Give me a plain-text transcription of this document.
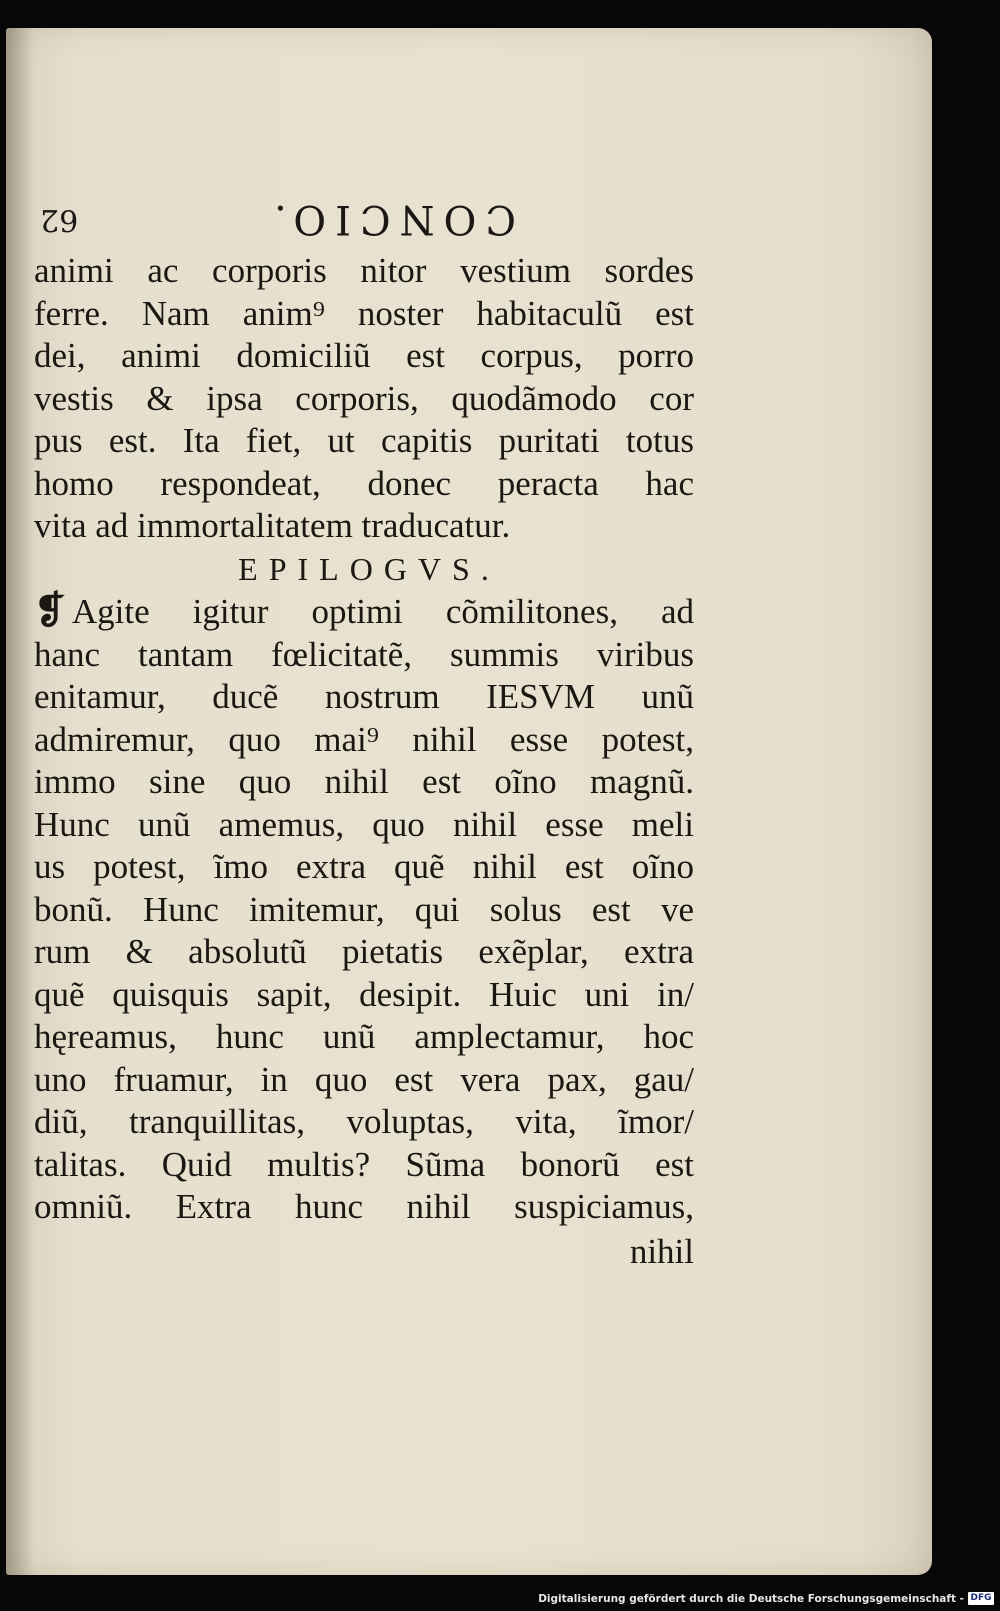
62	CONCIO.
animi ac corporis nitor vestium sordes
ferre. Nam anim⁹ noster habitaculũ est
dei, animi domiciliũ est corpus, porro
vestis & ipsa corporis, quodãmodo cor
pus est. Ita fiet, ut capitis puritati totus
homo respondeat, donec peracta hac
vita ad immortalitatem traducatur.
EPILOGVS.
❡ Agite igitur optimi cõmilitones, ad
hanc tantam fœlicitatẽ, summis viribus
enitamur, ducẽ nostrum IESVM unũ
admiremur, quo mai⁹ nihil esse potest,
immo sine quo nihil est oĩno magnũ.
Hunc unũ amemus, quo nihil esse meli
us potest, ĩmo extra quẽ nihil est oĩno
bonũ. Hunc imitemur, qui solus est ve
rum & absolutũ pietatis exẽplar, extra
quẽ quisquis sapit, desipit. Huic uni in/
hęreamus, hunc unũ amplectamur, hoc
uno fruamur, in quo est vera pax, gau/
diũ, tranquillitas, voluptas, vita, ĩmor/
talitas. Quid multis? Sũma bonorũ est
omniũ. Extra hunc nihil suspiciamus,
nihil
Digitalisierung gefördert durch die Deutsche Forschungsgemeinschaft - DFG
